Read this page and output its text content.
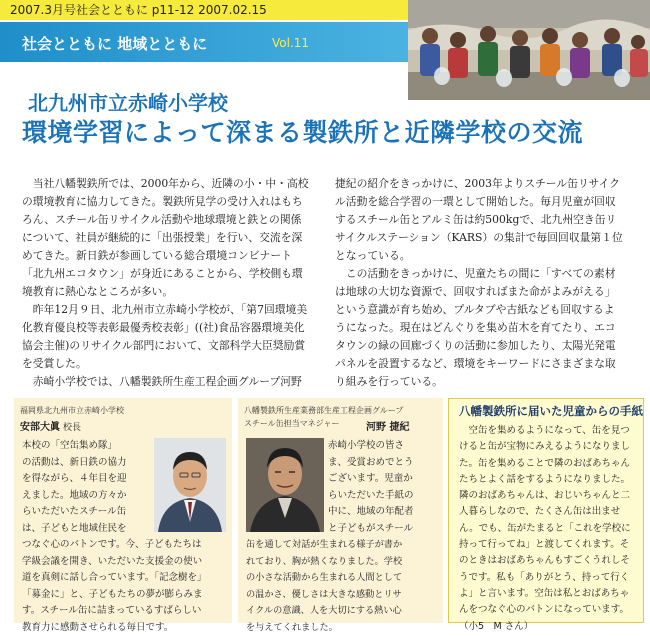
2007.3月号社会とともに p11-12 2007.02.15
社会とともに 地域とともに	Vol.11
北九州市立赤崎小学校
環境学習によって深まる製鉄所と近隣学校の交流

当社八幡製鉄所では、2000年から、近隣の小・中・高校の環境教育に協力してきた。製鉄所見学の受け入れはもちろん、スチール缶リサイクル活動や地球環境と鉄との関係について、社員が継続的に「出張授業」を行い、交流を深めてきた。新日鉄が参画している総合環境コンビナート「北九州エコタウン」が身近にあることから、学校側も環境教育に熱心なところが多い。

昨年12月９日、北九州市立赤崎小学校が、「第7回環境美化教育優良校等表彰最優秀校表彰」((社)食品容器環境美化協会主催)のリサイクル部門において、文部科学大臣奨励賞を受賞した。

赤崎小学校では、八幡製鉄所生産工程企画グループ河野

捷紀の紹介をきっかけに、2003年よりスチール缶リサイクル活動を総合学習の一環として開始した。毎月児童が回収するスチール缶とアルミ缶は約500kgで、北九州空き缶リサイクルステーション（KARS）の集計で毎回回収量第１位となっている。

この活動をきっかけに、児童たちの間に「すべての素材は地球の大切な資源で、回収すればまた命がよみがえる」という意識が育ち始め、プルタブや古紙なども回収するようになった。現在はどんぐりを集め苗木を育てたり、エコタウンの緑の回廊づくりの活動に参加したり、太陽光発電パネルを設置するなど、環境をキーワードにさまざまな取り組みを行っている。

福岡県北九州市立赤崎小学校
安部大眞 校長
本校の「空缶集め隊」
の活動は、新日鉄の協力
を得ながら、４年目を迎
えました。地域の方々か
らいただいたスチール缶
は、子どもと地域住民を
つなぐ心のバトンです。今、子どもたちは
学級会議を開き、いただいた支援金の使い
道を真剣に話し合っています。「記念樹を」
「募金に」と、子どもたちの夢が膨らみま
す。スチール缶に詰まっているすばらしい
教育力に感動させられる毎日です。
八幡製鉄所生産業務部生産工程企画グループ
スチール缶担当マネジャー	河野 捷紀
赤崎小学校の皆さ
ま、受賞おめでとう
ございます。児童か
らいただいた手紙の
中に、地域の年配者
と子どもがスチール
缶を通して対話が生まれる様子が書か
れており、胸が熱くなりました。学校
の小さな活動から生まれる人間として
の温かさ、優しさは大きな感動とリサ
イクルの意識、人を大切にする熱い心
を与えてくれました。
八幡製鉄所に届いた児童からの手紙

空缶を集めるようになって、缶を見つけると缶が宝物にみえるようになりました。缶を集めることで隣のおばあちゃんたちとよく話をするようになりました。隣のおばあちゃんは、おじいちゃんと二人暮らしなので、たくさん缶は出ません。でも、缶がたまると「これを学校に持って行ってね」と渡してくれます。そのときはおばあちゃんもすごくうれしそうです。私も「ありがとう、持って行くよ」と言います。空缶は私とおばあちゃんをつなぐ心のバトンになっています。（小5　M さん）
